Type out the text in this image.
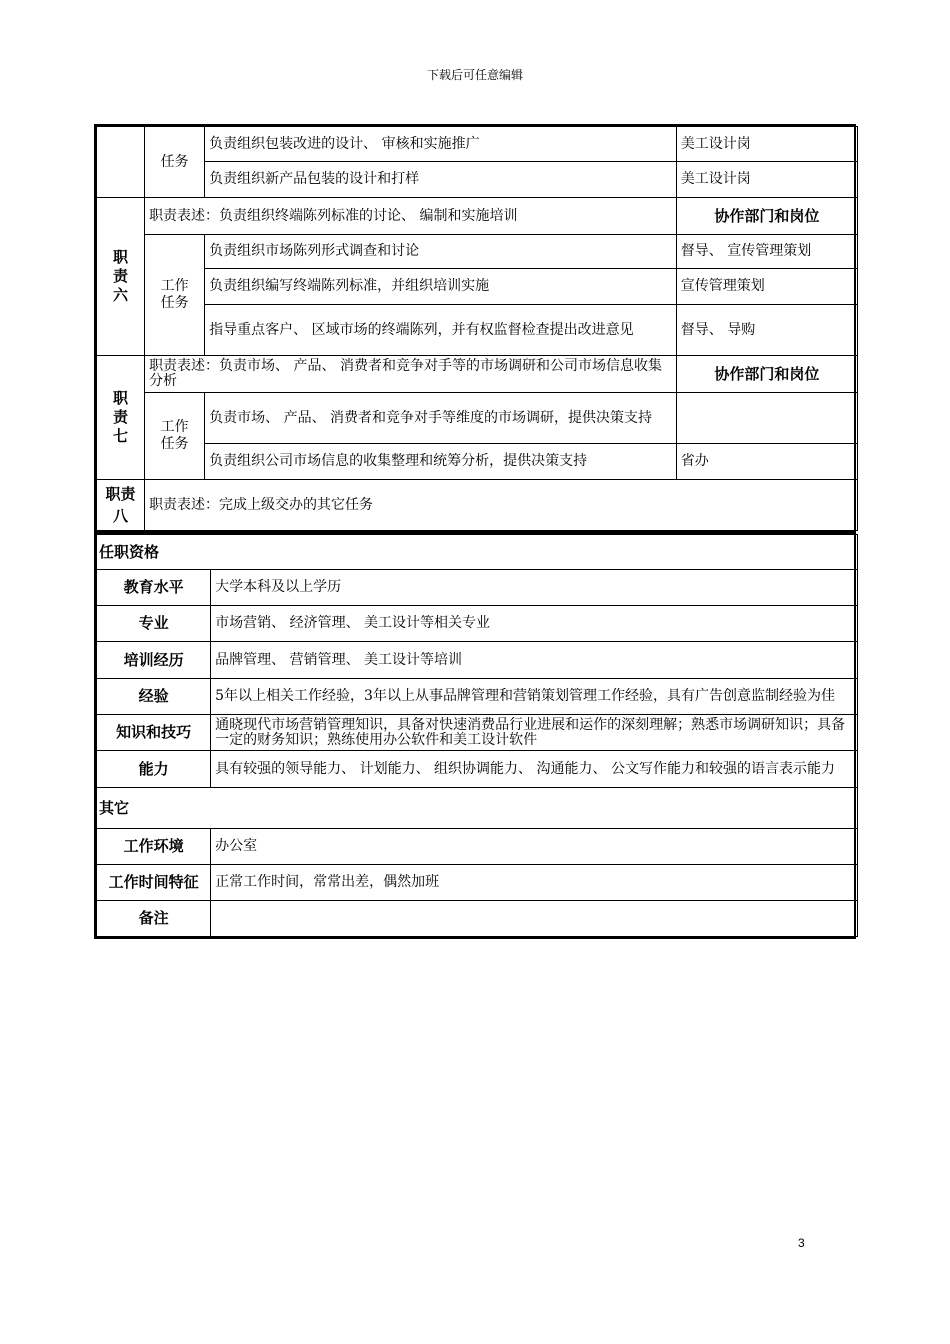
下载后可任意编辑
	任务	负责组织包装改进的设计、 审核和实施推广	美工设计岗
		负责组织新产品包装的设计和打样	美工设计岗
职
责
六	职责表述：负责组织终端陈列标准的讨论、 编制和实施培训		协作部门和岗位
	工作
任务	负责组织市场陈列形式调查和讨论	督导、 宣传管理策划
		负责组织编写终端陈列标准，并组织培训实施	宣传管理策划
		指导重点客户、 区域市场的终端陈列，并有权监督检查提出改进意见	督导、 导购
职
责
七	职责表述：负责市场、 产品、 消费者和竞争对手等的市场调研和公司市场信息收集分析		协作部门和岗位
	工作
任务	负责市场、 产品、 消费者和竞争对手等维度的市场调研，提供决策支持	
		负责组织公司市场信息的收集整理和统筹分析，提供决策支持	省办
职责
八	职责表述：完成上级交办的其它任务		
任职资格	
教育水平	大学本科及以上学历
专业	市场营销、 经济管理、 美工设计等相关专业
培训经历	品牌管理、 营销管理、 美工设计等培训
经验	5年以上相关工作经验，3年以上从事品牌管理和营销策划管理工作经验，具有广告创意监制经验为佳
知识和技巧	通晓现代市场营销管理知识，具备对快速消费品行业进展和运作的深刻理解；熟悉市场调研知识；具备一定的财务知识；熟练使用办公软件和美工设计软件
能力	具有较强的领导能力、 计划能力、 组织协调能力、 沟通能力、 公文写作能力和较强的语言表示能力
其它	
工作环境	办公室
工作时间特征	正常工作时间，常常出差，偶然加班
备注	
3
